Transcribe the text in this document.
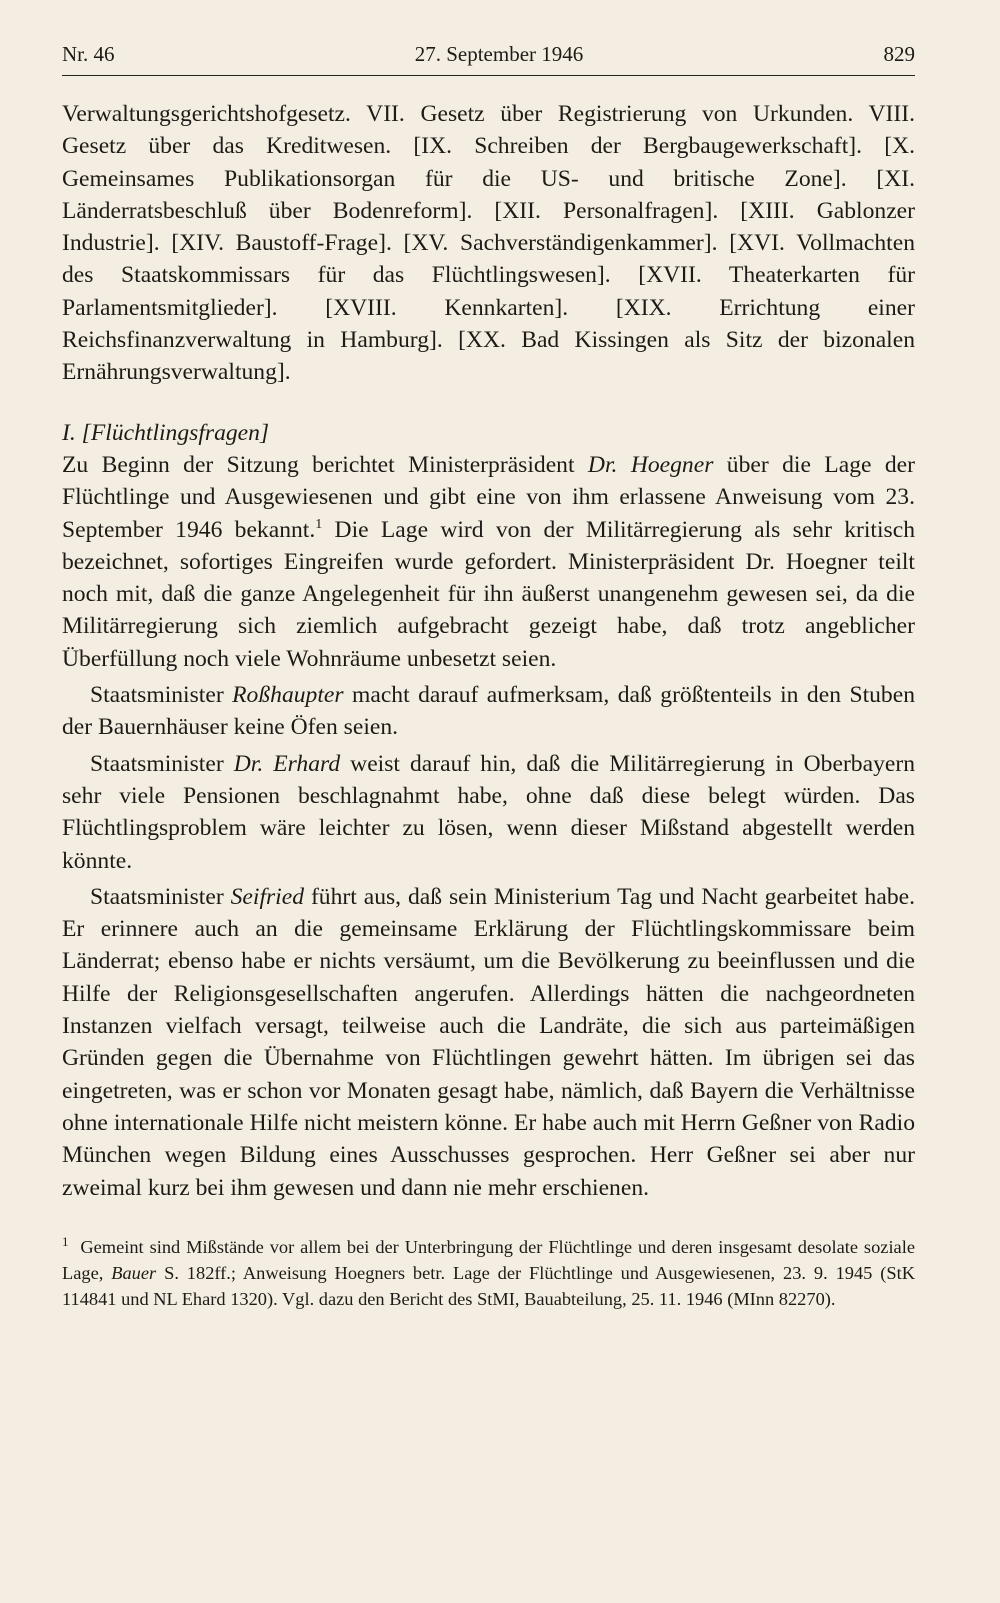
Nr. 46	27. September 1946	829

Verwaltungsgerichtshofgesetz. VII. Gesetz über Registrierung von Urkunden. VIII. Gesetz über das Kreditwesen. [IX. Schreiben der Bergbaugewerkschaft]. [X. Gemeinsames Publikationsorgan für die US- und britische Zone]. [XI. Länderratsbeschluß über Bodenreform]. [XII. Personalfragen]. [XIII. Gablonzer Industrie]. [XIV. Baustoff-Frage]. [XV. Sachverständigenkammer]. [XVI. Vollmachten des Staatskommissars für das Flüchtlingswesen]. [XVII. Theaterkarten für Parlamentsmitglieder]. [XVIII. Kennkarten]. [XIX. Errichtung einer Reichsfinanzverwaltung in Hamburg]. [XX. Bad Kissingen als Sitz der bizonalen Ernährungsverwaltung].

I. [Flüchtlingsfragen]

Zu Beginn der Sitzung berichtet Ministerpräsident Dr. Hoegner über die Lage der Flüchtlinge und Ausgewiesenen und gibt eine von ihm erlassene Anweisung vom 23. September 1946 bekannt.$^1$ Die Lage wird von der Militärregierung als sehr kritisch bezeichnet, sofortiges Eingreifen wurde gefordert. Ministerpräsident Dr. Hoegner teilt noch mit, daß die ganze Angelegenheit für ihn äußerst unangenehm gewesen sei, da die Militärregierung sich ziemlich aufgebracht gezeigt habe, daß trotz angeblicher Überfüllung noch viele Wohnräume unbesetzt seien.

Staatsminister Roßhaupter macht darauf aufmerksam, daß größtenteils in den Stuben der Bauernhäuser keine Öfen seien.

Staatsminister Dr. Erhard weist darauf hin, daß die Militärregierung in Oberbayern sehr viele Pensionen beschlagnahmt habe, ohne daß diese belegt würden. Das Flüchtlingsproblem wäre leichter zu lösen, wenn dieser Mißstand abgestellt werden könnte.

Staatsminister Seifried führt aus, daß sein Ministerium Tag und Nacht gearbeitet habe. Er erinnere auch an die gemeinsame Erklärung der Flüchtlingskommissare beim Länderrat; ebenso habe er nichts versäumt, um die Bevölkerung zu beeinflussen und die Hilfe der Religionsgesellschaften angerufen. Allerdings hätten die nachgeordneten Instanzen vielfach versagt, teilweise auch die Landräte, die sich aus parteimäßigen Gründen gegen die Übernahme von Flüchtlingen gewehrt hätten. Im übrigen sei das eingetreten, was er schon vor Monaten gesagt habe, nämlich, daß Bayern die Verhältnisse ohne internationale Hilfe nicht meistern könne. Er habe auch mit Herrn Geßner von Radio München wegen Bildung eines Ausschusses gesprochen. Herr Geßner sei aber nur zweimal kurz bei ihm gewesen und dann nie mehr erschienen.

$^1$ Gemeint sind Mißstände vor allem bei der Unterbringung der Flüchtlinge und deren insgesamt desolate soziale Lage, Bauer S. 182ff.; Anweisung Hoegners betr. Lage der Flüchtlinge und Ausgewiesenen, 23. 9. 1945 (StK 114841 und NL Ehard 1320). Vgl. dazu den Bericht des StMI, Bauabteilung, 25. 11. 1946 (MInn 82270).
